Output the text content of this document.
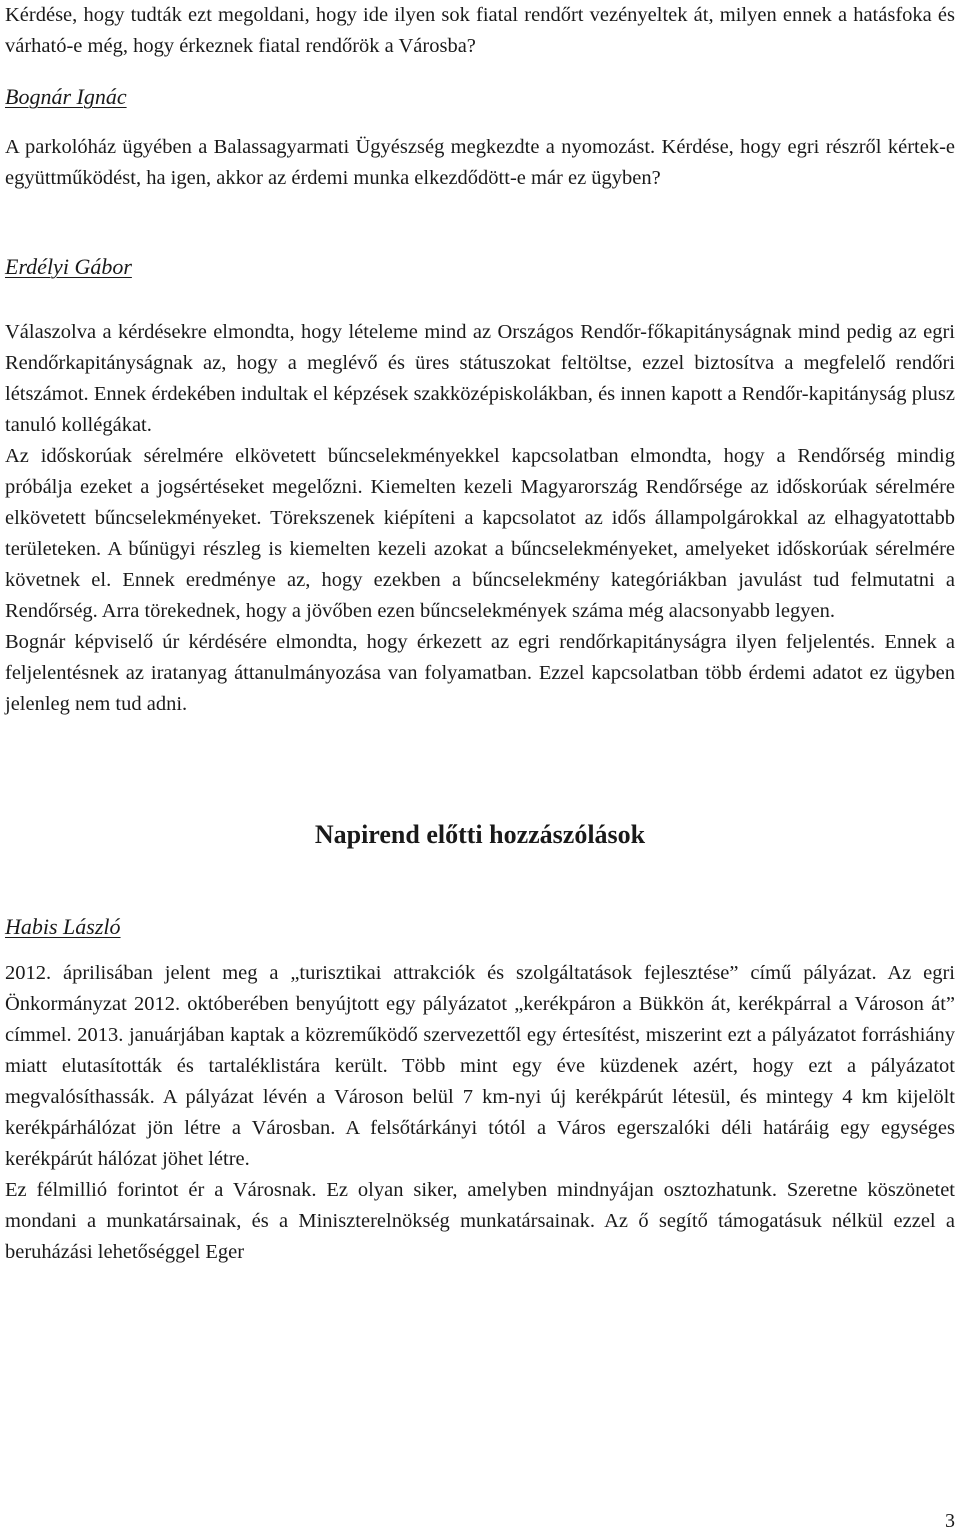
Kérdése, hogy tudták ezt megoldani, hogy ide ilyen sok fiatal rendőrt vezényeltek át, milyen ennek a hatásfoka és várható-e még, hogy érkeznek fiatal rendőrök a Városba?

Bognár Ignác

A parkolóház ügyében a Balassagyarmati Ügyészség megkezdte a nyomozást. Kérdése, hogy egri részről kértek-e együttműködést, ha igen, akkor az érdemi munka elkezdődött-e már ez ügyben?

Erdélyi Gábor

Válaszolva a kérdésekre elmondta, hogy lételeme mind az Országos Rendőr-főkapitányságnak mind pedig az egri Rendőrkapitányságnak az, hogy a meglévő és üres státuszokat feltöltse, ezzel biztosítva a megfelelő rendőri létszámot. Ennek érdekében indultak el képzések szakközépiskolákban, és innen kapott a Rendőr-kapitányság plusz tanuló kollégákat.

Az időskorúak sérelmére elkövetett bűncselekményekkel kapcsolatban elmondta, hogy a Rendőrség mindig próbálja ezeket a jogsértéseket megelőzni. Kiemelten kezeli Magyarország Rendőrsége az időskorúak sérelmére elkövetett bűncselekményeket. Törekszenek kiépíteni a kapcsolatot az idős állampolgárokkal az elhagyatottabb területeken. A bűnügyi részleg is kiemelten kezeli azokat a bűncselekményeket, amelyeket időskorúak sérelmére követnek el. Ennek eredménye az, hogy ezekben a bűncselekmény kategóriákban javulást tud felmutatni a Rendőrség. Arra törekednek, hogy a jövőben ezen bűncselekmények száma még alacsonyabb legyen.

Bognár képviselő úr kérdésére elmondta, hogy érkezett az egri rendőrkapitányságra ilyen feljelentés. Ennek a feljelentésnek az iratanyag áttanulmányozása van folyamatban. Ezzel kapcsolatban több érdemi adatot ez ügyben jelenleg nem tud adni.

Napirend előtti hozzászólások

Habis László

2012. áprilisában jelent meg a „turisztikai attrakciók és szolgáltatások fejlesztése” című pályázat. Az egri Önkormányzat 2012. októberében benyújtott egy pályázatot „kerékpáron a Bükkön át, kerékpárral a Városon át” címmel. 2013. januárjában kaptak a közreműködő szervezettől egy értesítést, miszerint ezt a pályázatot forráshiány miatt elutasították és tartaléklistára került. Több mint egy éve küzdenek azért, hogy ezt a pályázatot megvalósíthassák. A pályázat lévén a Városon belül 7 km-nyi új kerékpárút létesül, és mintegy 4 km kijelölt kerékpárhálózat jön létre a Városban. A felsőtárkányi tótól a Város egerszalóki déli határáig egy egységes kerékpárút hálózat jöhet létre.

Ez félmillió forintot ér a Városnak. Ez olyan siker, amelyben mindnyájan osztozhatunk. Szeretne köszönetet mondani a munkatársainak, és a Miniszterelnökség munkatársainak. Az ő segítő támogatásuk nélkül ezzel a beruházási lehetőséggel Eger

3
